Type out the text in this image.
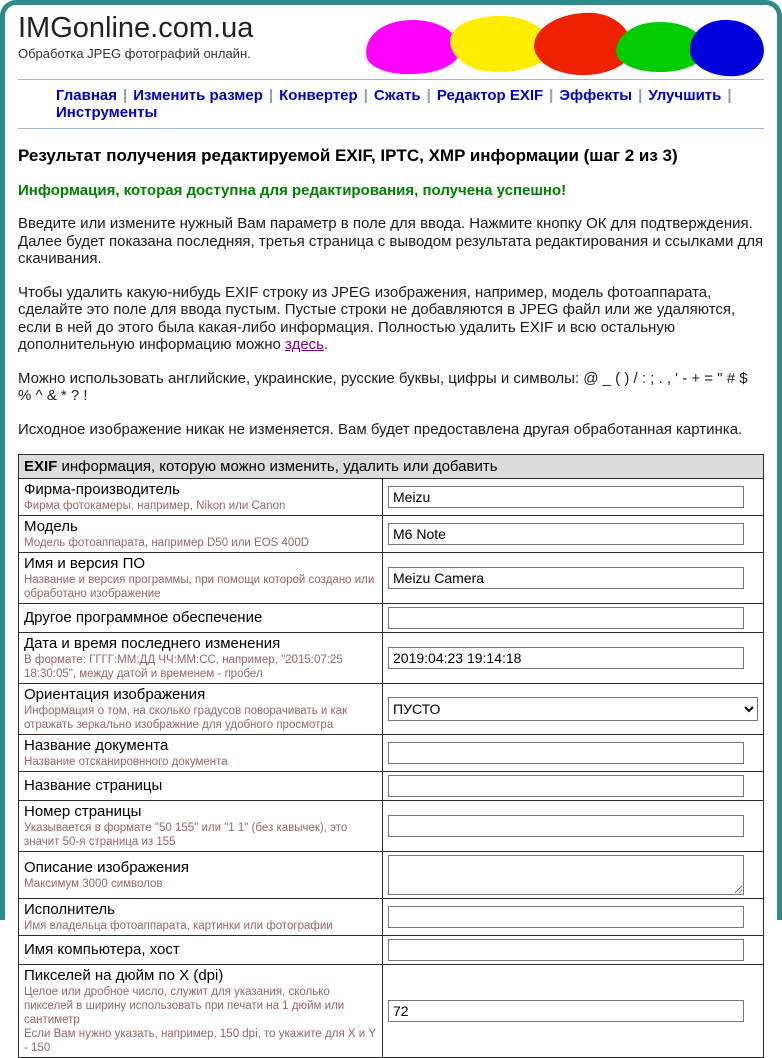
IMGonline.com.ua
Обработка JPEG фотографий онлайн.
Главная | Изменить размер | Конвертер | Сжать | Редактор EXIF | Эффекты | Улучшить |Инструменты
Результат получения редактируемой EXIF, IPTC, XMP информации (шаг 2 из 3)
Информация, которая доступна для редактирования, получена успешно!

Введите или измените нужный Вам параметр в поле для ввода. Нажмите кнопку ОК для подтверждения. Далее будет показана последняя, третья страница с выводом результата редактирования и ссылками для скачивания.

Чтобы удалить какую-нибудь EXIF строку из JPEG изображения, например, модель фотоаппарата, сделайте это поле для ввода пустым. Пустые строки не добавляются в JPEG файл или же удаляются, если в ней до этого была какая-либо информация. Полностью удалить EXIF и всю остальную дополнительную информацию можно здесь.

Можно использовать английские, украинские, русские буквы, цифры и символы: @ _ ( ) / : ; . , ' - + = " # $ % ^ & * ? !

Исходное изображение никак не изменяется. Вам будет предоставлена другая обработанная картинка.

EXIF информация, которую можно изменить, удалить или добавить	

Фирма-производитель
Фирма фотокамеры, например, Nikon или Canon
	Meizu

Модель
Модель фотоаппарата, например D50 или EOS 400D
	M6 Note

Имя и версия ПО
Название и версия программы, при помощи которой создано или обработано изображение
	Meizu Camera

Другое программное обеспечение

Дата и время последнего изменения
В формате: ГГГГ:ММ:ДД ЧЧ:ММ:СС, например, "2015:07:25 18:30:05", между датой и временем - пробел
	2019:04:23 19:14:18

Ориентация изображения
Информация о том, на сколько градусов поворачивать и как отражать зеркально изображние для удобного просмотра

ПУСТО

Название документа
Название отсканировнного документа

Название страницы

Номер страницы
Указывается в формате "50 155" или "1 1" (без кавычек), это значит 50-я страница из 155

Описание изображения
Максимум 3000 символов

Исполнитель
Имя владельца фотоаппарата, картинки или фотографии

Имя компьютера, хост

Пикселей на дюйм по X (dpi)
Целое или дробное число, служит для указания, сколько пикселей в ширину использовать при печати на 1 дюйм или сантиметр
Если Вам нужно указать, например, 150 dpi, то укажите для X и Y - 150
	72
